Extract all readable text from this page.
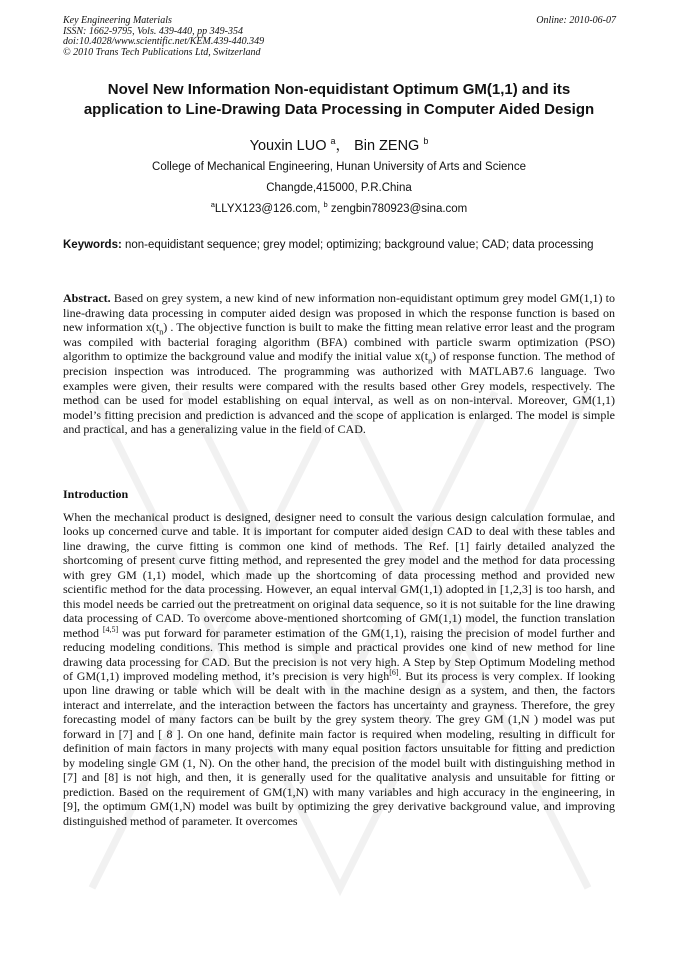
Key Engineering Materials
ISSN: 1662-9795, Vols. 439-440, pp 349-354
doi:10.4028/www.scientific.net/KEM.439-440.349
© 2010 Trans Tech Publications Ltd, Switzerland
Online: 2010-06-07
Novel New Information Non-equidistant Optimum GM(1,1) and its
application to Line-Drawing Data Processing in Computer Aided Design
Youxin LUO $^a$， Bin ZENG $^b$
College of Mechanical Engineering, Hunan University of Arts and Science
Changde,415000, P.R.China
$^a$LLYX123@126.com, $^b$ zengbin780923@sina.com
Keywords: non-equidistant sequence; grey model; optimizing; background value; CAD; data processing
Abstract. Based on grey system, a new kind of new information non-equidistant optimum grey model GM(1,1) to line-drawing data processing in computer aided design was proposed in which the response function is based on new information $x(t_n)$ . The objective function is built to make the fitting mean relative error least and the program was compiled with bacterial foraging algorithm (BFA) combined with particle swarm optimization (PSO) algorithm to optimize the background value and modify the initial value $x(t_n)$ of response function. The method of precision inspection was introduced. The programming was authorized with MATLAB7.6 language. Two examples were given, their results were compared with the results based other Grey models, respectively. The method can be used for model establishing on equal interval, as well as on non-interval. Moreover, GM(1,1) model’s fitting precision and prediction is advanced and the scope of application is enlarged. The model is simple and practical, and has a generalizing value in the field of CAD.
Introduction
When the mechanical product is designed, designer need to consult the various design calculation formulae, and looks up concerned curve and table. It is important for computer aided design CAD to deal with these tables and line drawing, the curve fitting is common one kind of methods. The Ref. [1] fairly detailed analyzed the shortcoming of present curve fitting method, and represented the grey model and the method for data processing with grey GM (1,1) model, which made up the shortcoming of data processing method and provided new scientific method for the data processing. However, an equal interval GM(1,1) adopted in [1,2,3] is too harsh, and this model needs be carried out the pretreatment on original data sequence, so it is not suitable for the line drawing data processing of CAD. To overcome above-mentioned shortcoming of GM(1,1) model, the function translation method [4,5] was put forward for parameter estimation of the GM(1,1), raising the precision of model further and reducing modeling conditions. This method is simple and practical provides one kind of new method for line drawing data processing for CAD. But the precision is not very high. A Step by Step Optimum Modeling method of GM(1,1) improved modeling method, it’s precision is very high[6]. But its process is very complex. If looking upon line drawing or table which will be dealt with in the machine design as a system, and then, the factors interact and interrelate, and the interaction between the factors has uncertainty and grayness. Therefore, the grey forecasting model of many factors can be built by the grey system theory. The grey GM (1,N ) model was put forward in [7] and [ 8 ]. On one hand, definite main factor is required when modeling, resulting in difficult for definition of main factors in many projects with many equal position factors unsuitable for fitting and prediction by modeling single GM (1, N). On the other hand, the precision of the model built with distinguishing method in [7] and [8] is not high, and then, it is generally used for the qualitative analysis and unsuitable for fitting or prediction. Based on the requirement of GM(1,N) with many variables and high accuracy in the engineering, in [9], the optimum GM(1,N) model was built by optimizing the grey derivative background value, and improving distinguished method of parameter. It overcomes
